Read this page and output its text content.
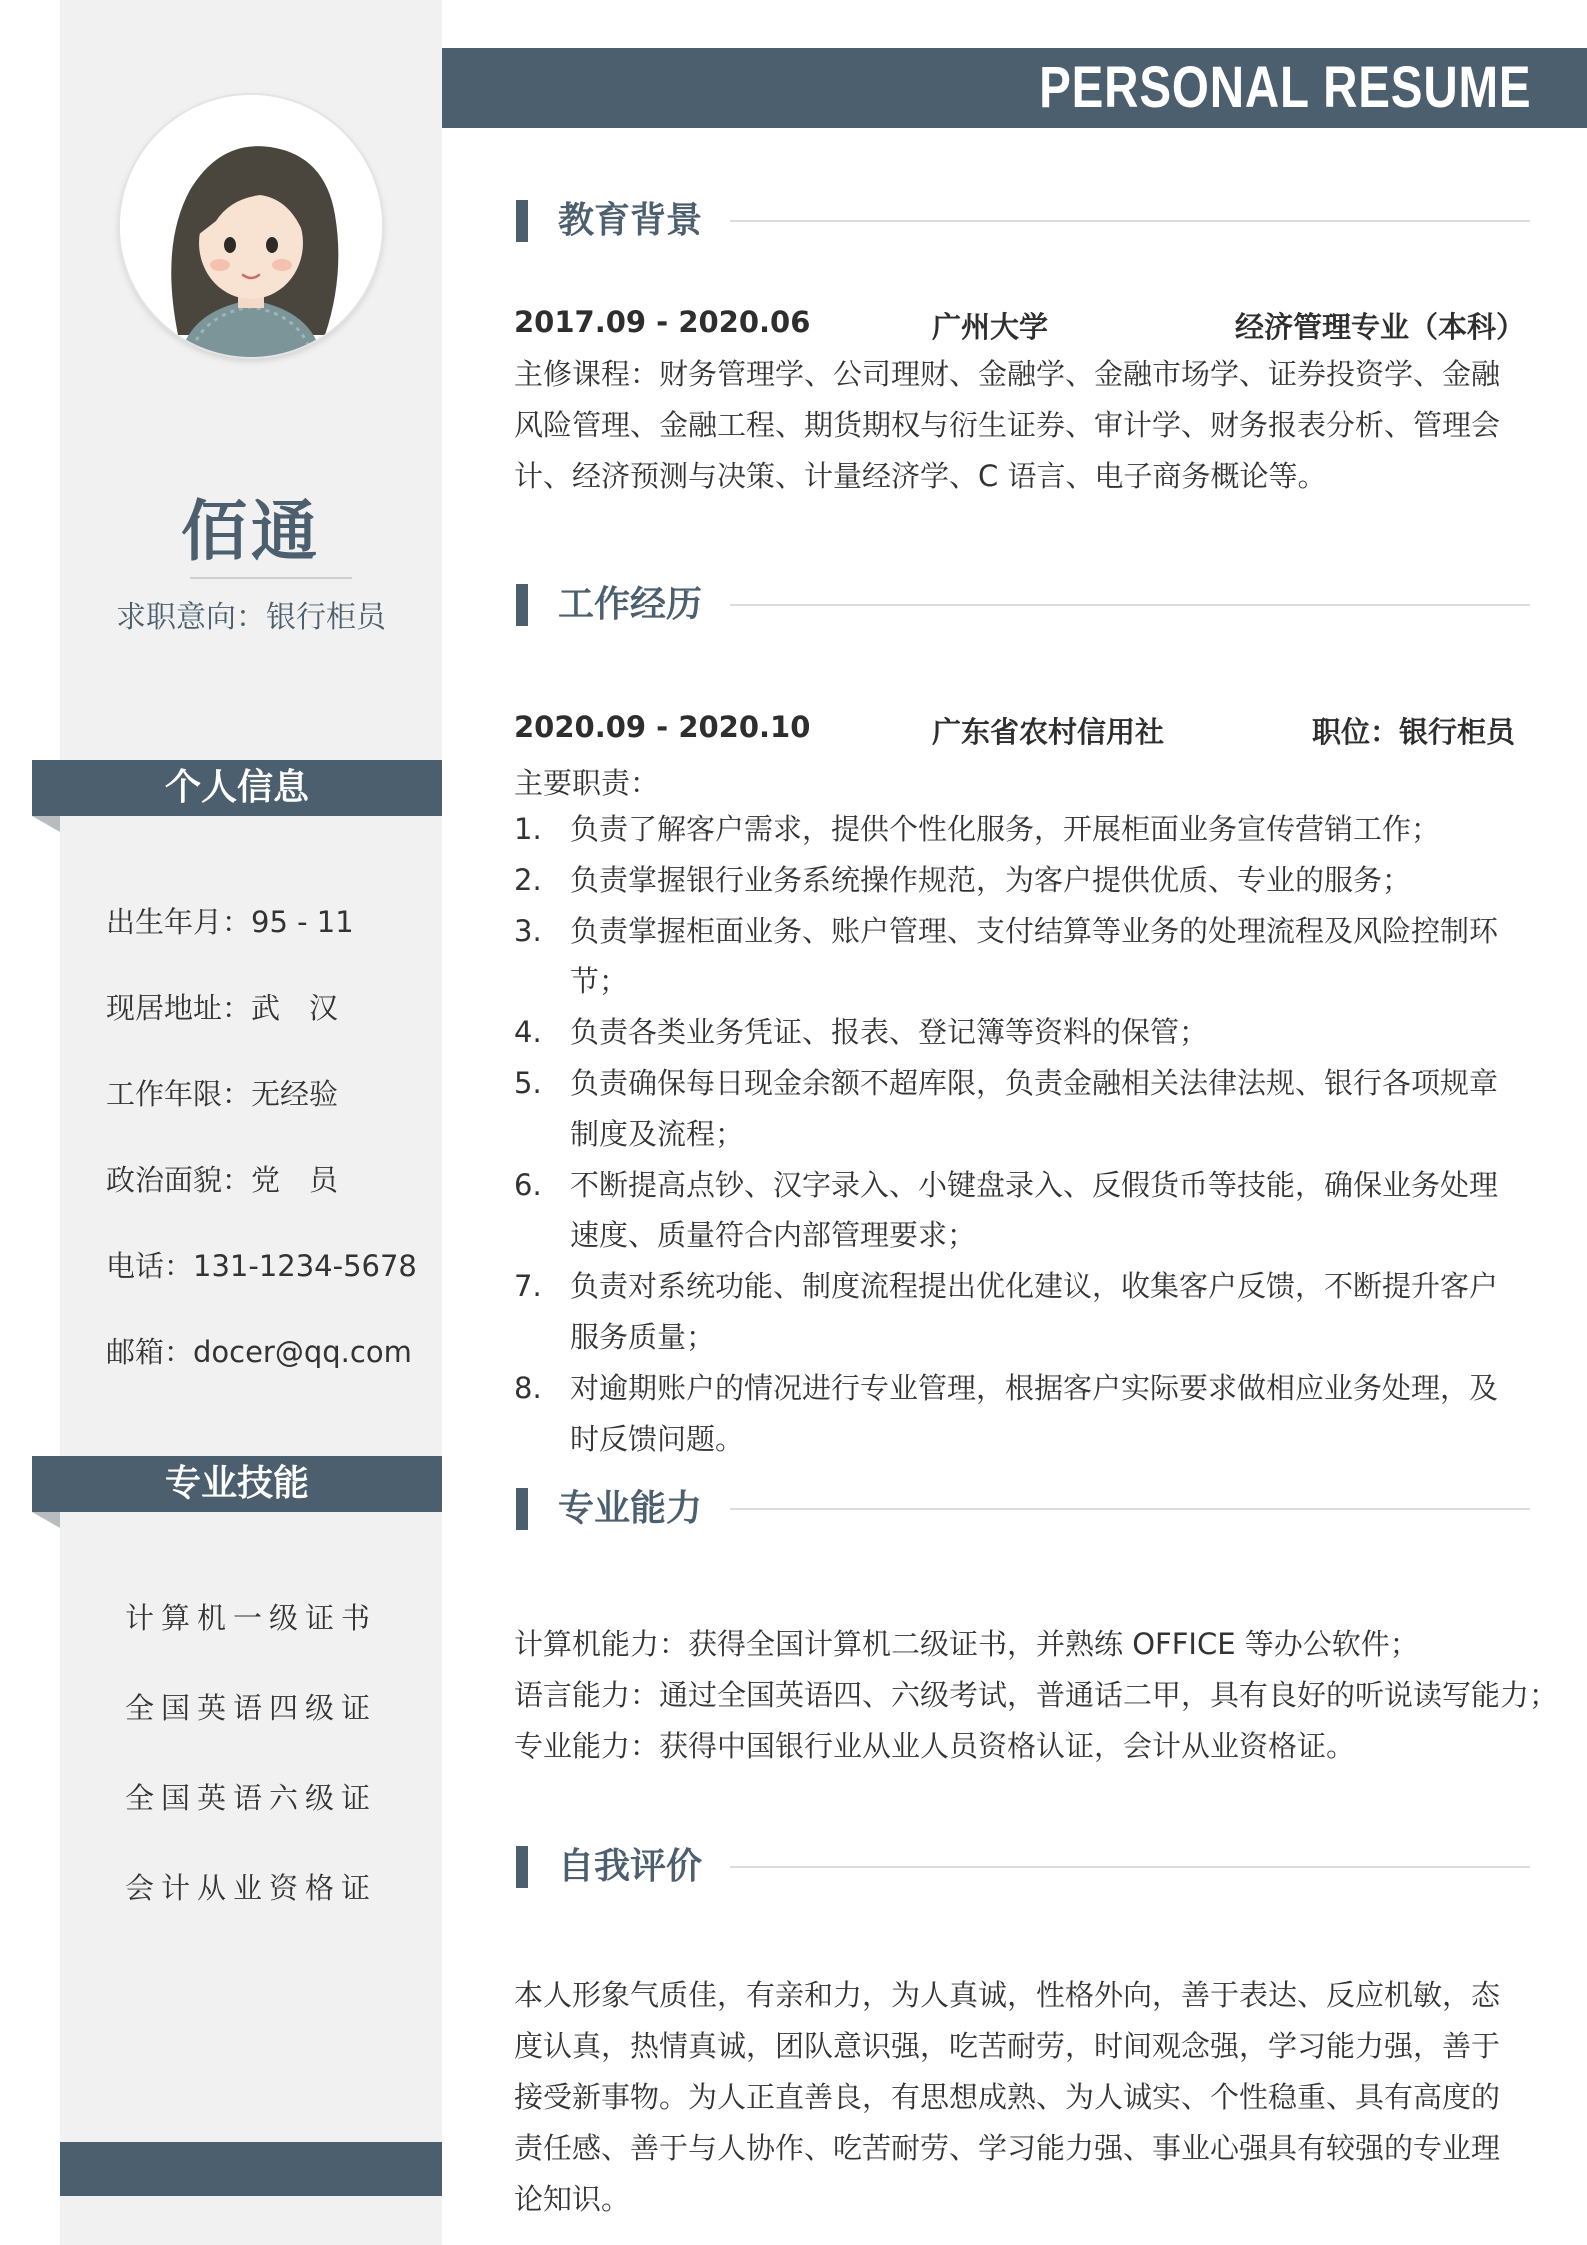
佰通
求职意向：银行柜员
个人信息
出生年月：95 - 11
现居地址：武　汉
工作年限：无经验
政治面貌：党　员
电话：131-1234-5678
邮箱：docer@qq.com
专业技能
计算机一级证书
全国英语四级证
全国英语六级证
会计从业资格证
PERSONAL RESUME
教育背景
2017.09 - 2020.06	广州大学	经济管理专业（本科）
主修课程：财务管理学、公司理财、金融学、金融市场学、证券投资学、金融风险管理、金融工程、期货期权与衍生证券、审计学、财务报表分析、管理会计、经济预测与决策、计量经济学、C 语言、电子商务概论等。
工作经历
2020.09 - 2020.10	广东省农村信用社	职位：银行柜员
主要职责：
1. 负责了解客户需求，提供个性化服务，开展柜面业务宣传营销工作；
2. 负责掌握银行业务系统操作规范，为客户提供优质、专业的服务；
3. 负责掌握柜面业务、账户管理、支付结算等业务的处理流程及风险控制环节；
4. 负责各类业务凭证、报表、登记簿等资料的保管；
5. 负责确保每日现金余额不超库限，负责金融相关法律法规、银行各项规章制度及流程；
6. 不断提高点钞、汉字录入、小键盘录入、反假货币等技能，确保业务处理速度、质量符合内部管理要求；
7. 负责对系统功能、制度流程提出优化建议，收集客户反馈，不断提升客户服务质量；
8. 对逾期账户的情况进行专业管理，根据客户实际要求做相应业务处理，及时反馈问题。
专业能力
计算机能力：获得全国计算机二级证书，并熟练 OFFICE 等办公软件；
语言能力：通过全国英语四、六级考试，普通话二甲，具有良好的听说读写能力；
专业能力：获得中国银行业从业人员资格认证，会计从业资格证。
自我评价
本人形象气质佳，有亲和力，为人真诚，性格外向，善于表达、反应机敏，态度认真，热情真诚，团队意识强，吃苦耐劳，时间观念强，学习能力强，善于接受新事物。为人正直善良，有思想成熟、为人诚实、个性稳重、具有高度的责任感、善于与人协作、吃苦耐劳、学习能力强、事业心强具有较强的专业理论知识。
